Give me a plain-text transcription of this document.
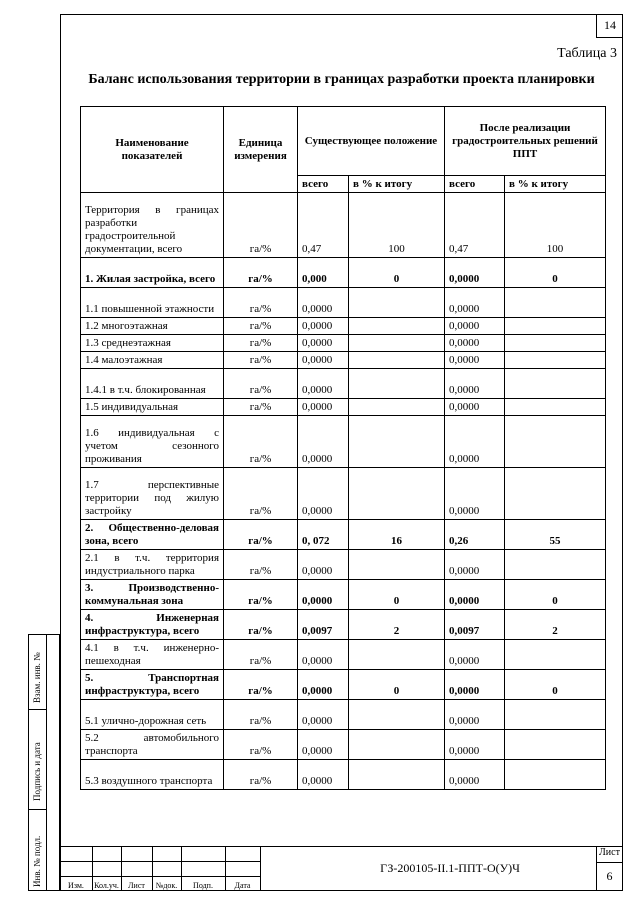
14
Таблица 3
Баланс использования территории в границах разработки проекта планировки
Наименование показателей	Единица измерения	Существующее положение		После реализации градостроительных решений ППТ	
		всего	в % к итогу	всего	в % к итогу
Территория в границах разработки градостроительной документации, всего	га/%	0,47	100	0,47	100
1. Жилая застройка, всего	га/%	0,000	0	0,0000	0
1.1 повышенной этажности	га/%	0,0000		0,0000	
1.2 многоэтажная	га/%	0,0000		0,0000	
1.3 среднеэтажная	га/%	0,0000		0,0000	
1.4 малоэтажная	га/%	0,0000		0,0000	
1.4.1 в т.ч. блокированная	га/%	0,0000		0,0000	
1.5 индивидуальная	га/%	0,0000		0,0000	
1.6 индивидуальная с учетом сезонного проживания	га/%	0,0000		0,0000	
1.7 перспективные территории под жилую застройку	га/%	0,0000		0,0000	
2. Общественно-деловая зона, всего	га/%	0, 072	16	0,26	55
2.1 в т.ч. территория индустриального парка	га/%	0,0000		0,0000	
3. Производственно-коммунальная зона	га/%	0,0000	0	0,0000	0
4. Инженерная инфраструктура, всего	га/%	0,0097	2	0,0097	2
4.1 в т.ч. инженерно-пешеходная	га/%	0,0000		0,0000	
5. Транспортная инфраструктура, всего	га/%	0,0000	0	0,0000	0
5.1 улично-дорожная сеть	га/%	0,0000		0,0000	
5.2 автомобильного транспорта	га/%	0,0000		0,0000	
5.3 воздушного транспорта	га/%	0,0000		0,0000	
Взам. инв. №
Подпись и дата
Инв. № подл.	Изм.	Кол.уч.	Лист	№док.	Подп.	Дата
ГЗ-200105-II.1-ППТ-О(У)Ч
Лист
6
